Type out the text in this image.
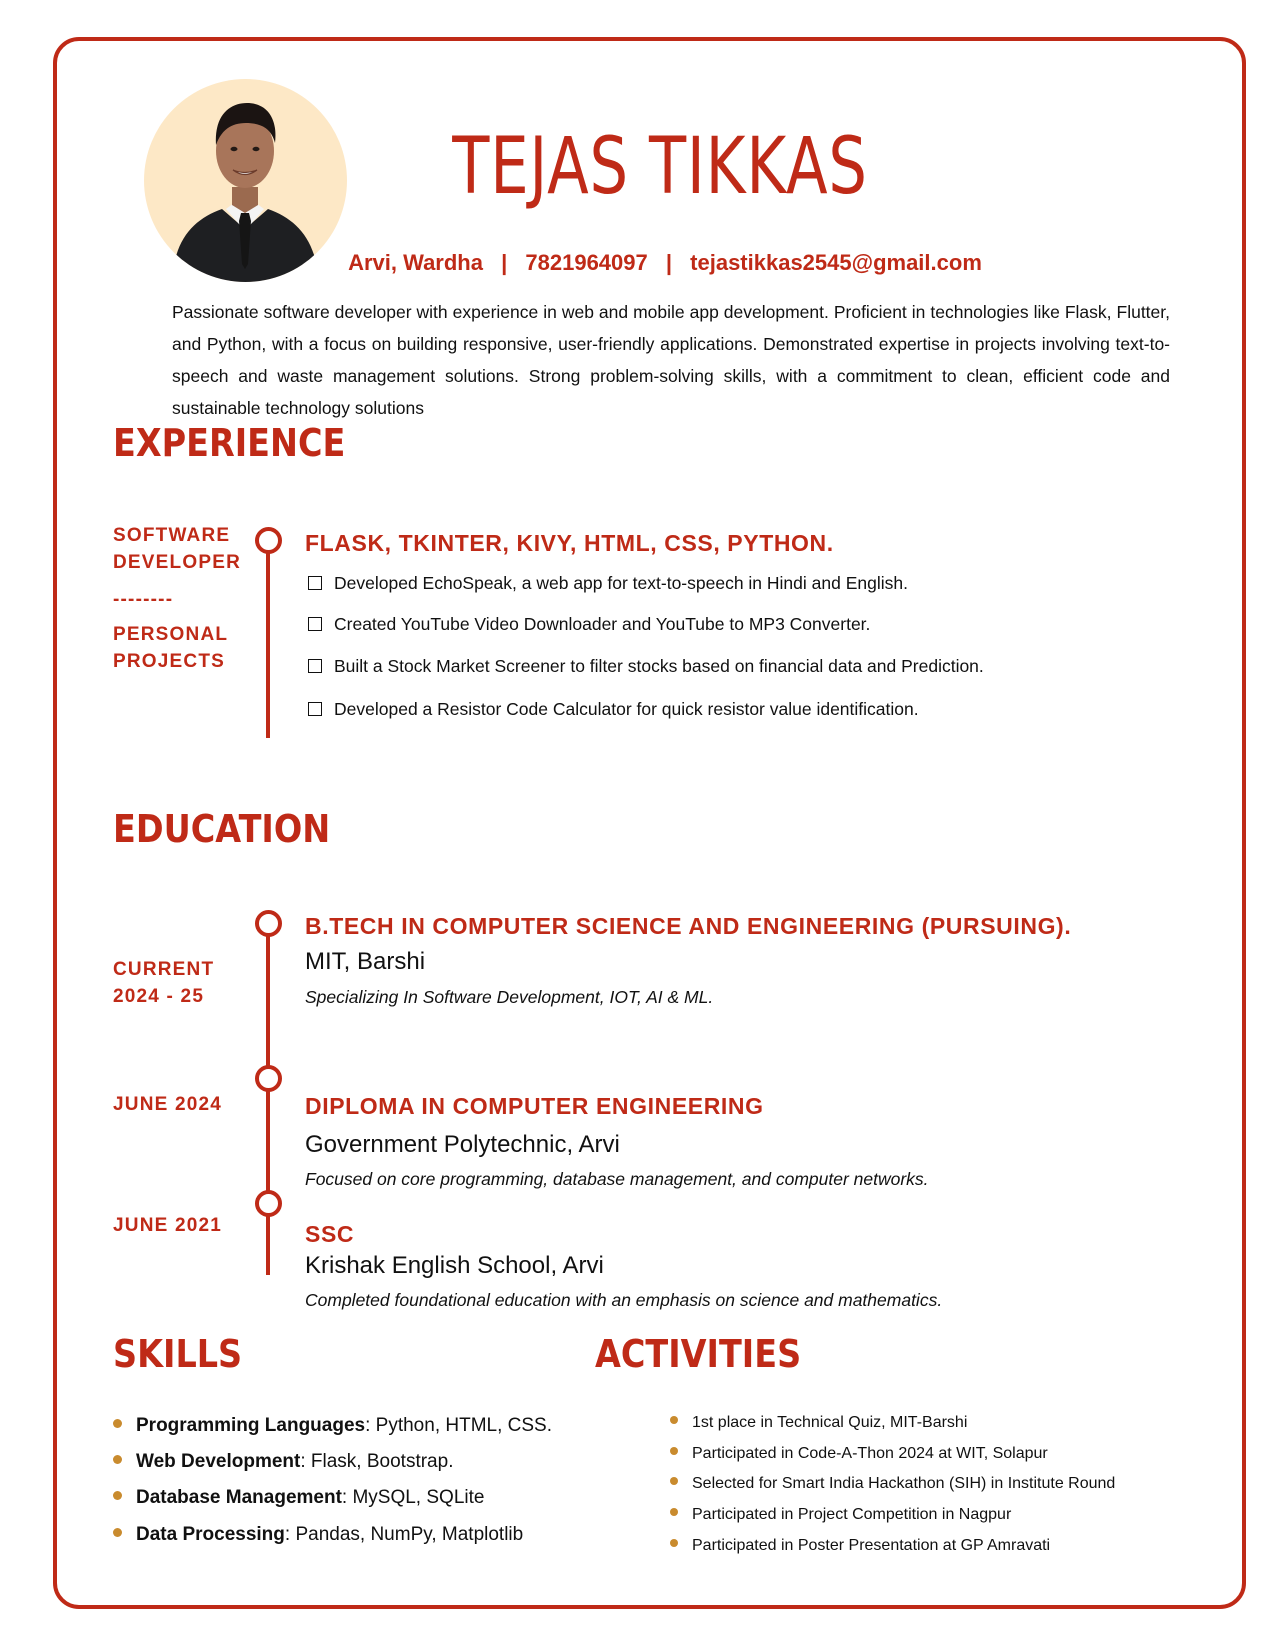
TEJAS TIKKAS
Arvi, Wardha | 7821964097 | tejastikkas2545@gmail.com
Passionate software developer with experience in web and mobile app development. Proficient in technologies like Flask, Flutter, and Python, with a focus on building responsive, user-friendly applications. Demonstrated expertise in projects involving text-to-speech and waste management solutions. Strong problem-solving skills, with a commitment to clean, efficient code and sustainable technology solutions
EXPERIENCE
SOFTWARE
DEVELOPER
--------
PERSONAL
PROJECTS
FLASK, TKINTER, KIVY, HTML, CSS, PYTHON.
Developed EchoSpeak, a web app for text-to-speech in Hindi and English.
Created YouTube Video Downloader and YouTube to MP3 Converter.
Built a Stock Market Screener to filter stocks based on financial data and Prediction.
Developed a Resistor Code Calculator for quick resistor value identification.
EDUCATION
CURRENT
2024 - 25
B.TECH IN COMPUTER SCIENCE AND ENGINEERING (PURSUING).
MIT, Barshi
Specializing In Software Development, IOT, AI & ML.
JUNE 2024	DIPLOMA IN COMPUTER ENGINEERING
Government Polytechnic, Arvi
Focused on core programming, database management, and computer networks.
JUNE 2021	SSC
Krishak English School, Arvi
Completed foundational education with an emphasis on science and mathematics.
SKILLS
Programming Languages: Python, HTML, CSS.
Web Development: Flask, Bootstrap.
Database Management: MySQL, SQLite
Data Processing: Pandas, NumPy, Matplotlib
ACTIVITIES
1st place in Technical Quiz, MIT-Barshi
Participated in Code-A-Thon 2024 at WIT, Solapur
Selected for Smart India Hackathon (SIH) in Institute Round
Participated in Project Competition in Nagpur
Participated in Poster Presentation at GP Amravati
